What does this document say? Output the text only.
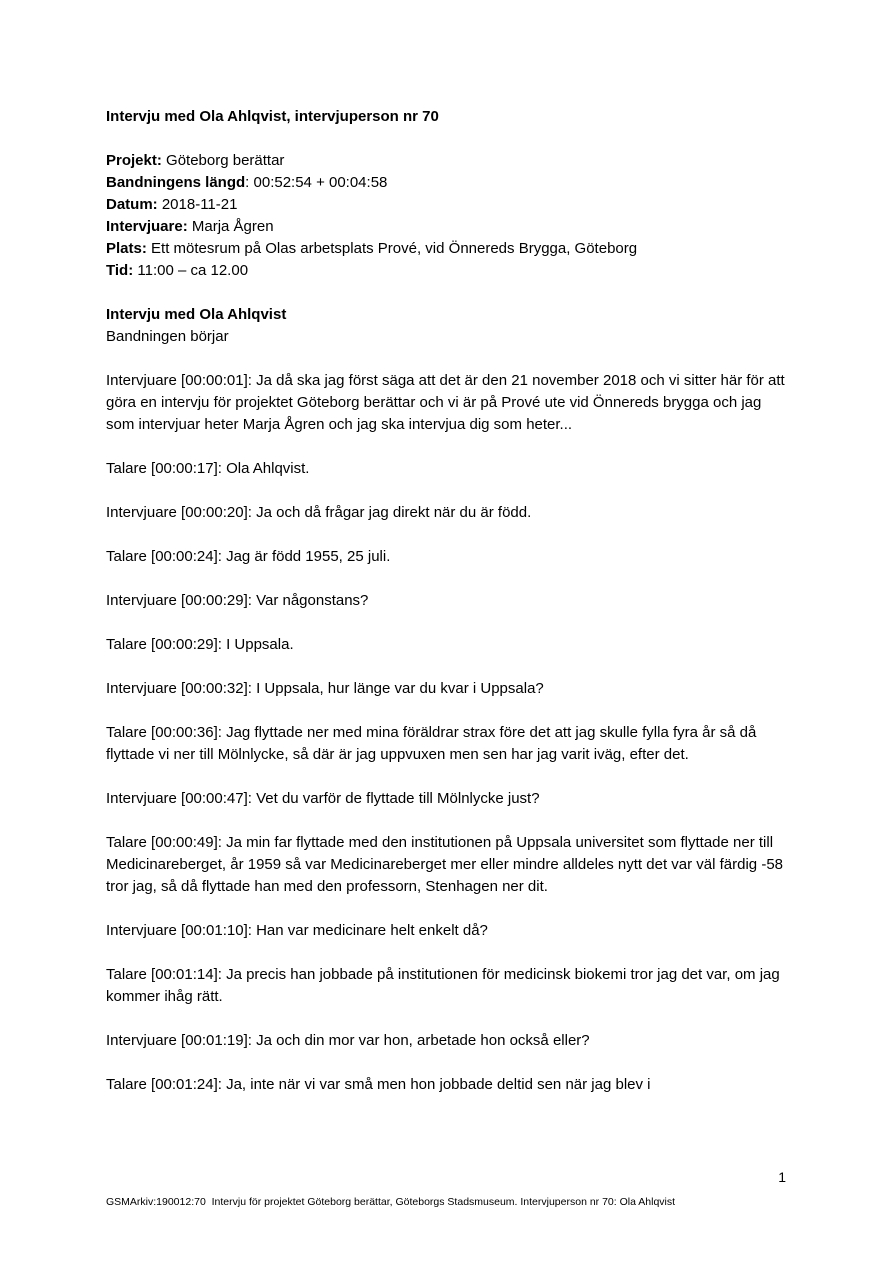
Intervju med Ola Ahlqvist, intervjuperson nr 70

Projekt: Göteborg berättar
Bandningens längd: 00:52:54 + 00:04:58
Datum: 2018-11-21
Intervjuare: Marja Ågren
Plats: Ett mötesrum på Olas arbetsplats Prové, vid Önnereds Brygga, Göteborg
Tid: 11:00 – ca 12.00
Intervju med Ola Ahlqvist
Bandningen börjar

Intervjuare [00:00:01]: Ja då ska jag först säga att det är den 21 november 2018 och vi sitter här för att göra en intervju för projektet Göteborg berättar och vi är på Prové ute vid Önnereds brygga och jag som intervjuar heter Marja Ågren och jag ska intervjua dig som heter...

Talare [00:00:17]: Ola Ahlqvist.

Intervjuare [00:00:20]: Ja och då frågar jag direkt när du är född.

Talare [00:00:24]: Jag är född 1955, 25 juli.

Intervjuare [00:00:29]: Var någonstans?

Talare [00:00:29]: I Uppsala.

Intervjuare [00:00:32]: I Uppsala, hur länge var du kvar i Uppsala?

Talare [00:00:36]: Jag flyttade ner med mina föräldrar strax före det att jag skulle fylla fyra år så då flyttade vi ner till Mölnlycke, så där är jag uppvuxen men sen har jag varit iväg, efter det.

Intervjuare [00:00:47]: Vet du varför de flyttade till Mölnlycke just?

Talare [00:00:49]: Ja min far flyttade med den institutionen på Uppsala universitet som flyttade ner till Medicinareberget, år 1959 så var Medicinareberget mer eller mindre alldeles nytt det var väl färdig -58 tror jag, så då flyttade han med den professorn, Stenhagen ner dit.

Intervjuare [00:01:10]: Han var medicinare helt enkelt då?

Talare [00:01:14]: Ja precis han jobbade på institutionen för medicinsk biokemi tror jag det var, om jag kommer ihåg rätt.

Intervjuare [00:01:19]: Ja och din mor var hon, arbetade hon också eller?

Talare [00:01:24]: Ja, inte när vi var små men hon jobbade deltid sen när jag blev i

1
GSMArkiv:190012:70  Intervju för projektet Göteborg berättar, Göteborgs Stadsmuseum. Intervjuperson nr 70: Ola Ahlqvist
